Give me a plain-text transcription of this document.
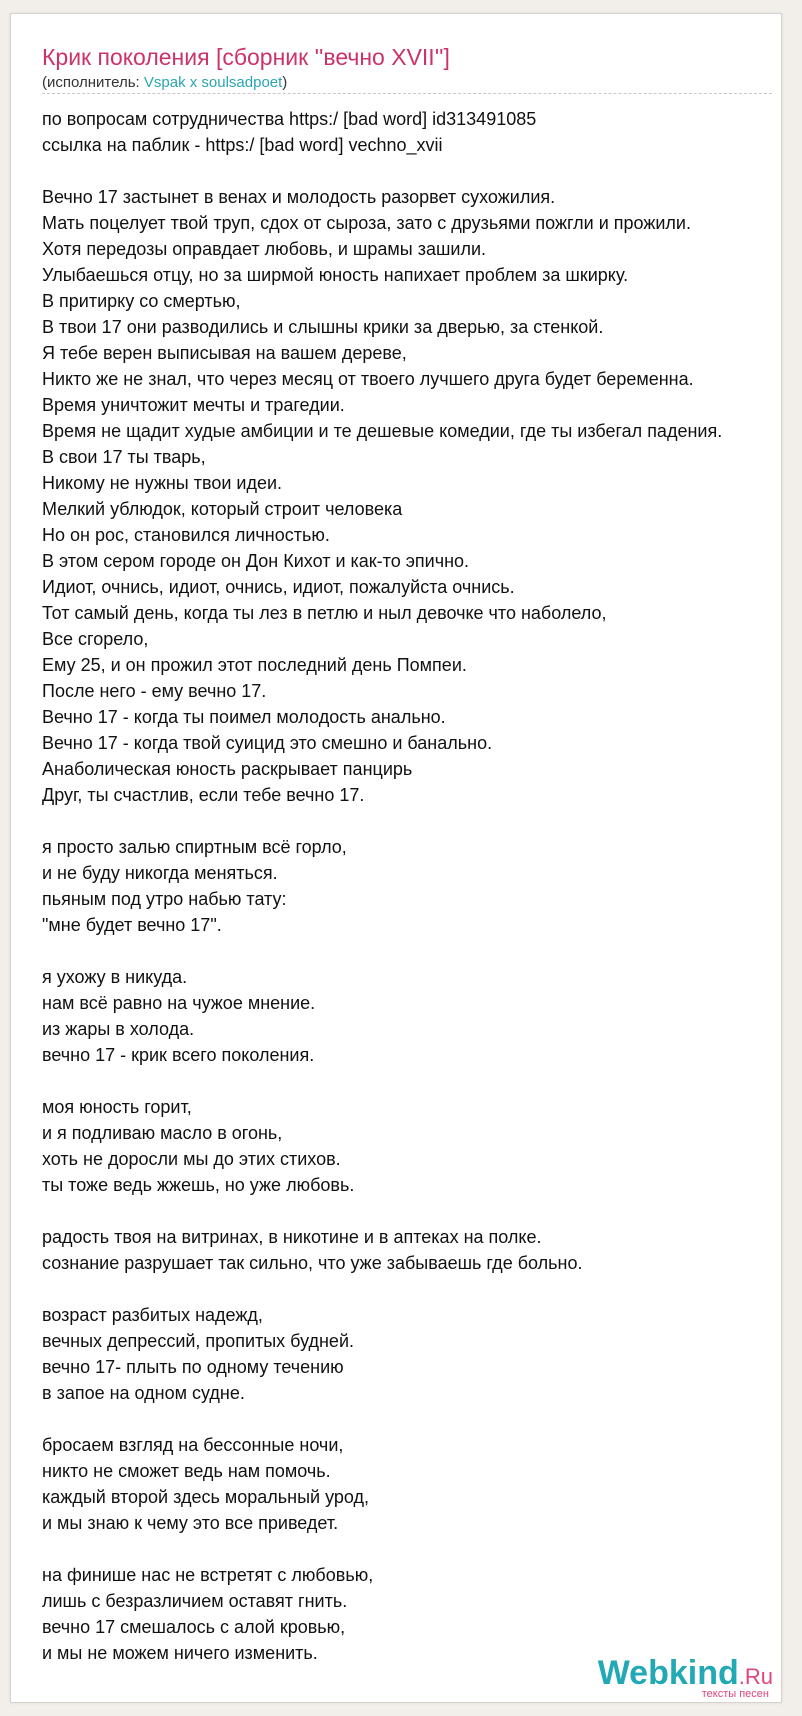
Крик поколения [сборник ''вечно XVII'']
(исполнитель: Vspak x soulsadpoet)
по вопросам сотрудничества https:/ [bad word] id313491085
ссылка на паблик - https:/ [bad word] vechno_xvii
Вечно 17 застынет в венах и молодость разорвет сухожилия.
Мать поцелует твой труп, сдох от сыроза, зато с друзьями пожгли и прожили.
Хотя передозы оправдает любовь, и шрамы зашили.
Улыбаешься отцу, но за ширмой юность напихает проблем за шкирку.
В притирку со смертью,
В твои 17 они разводились и слышны крики за дверью, за стенкой.
Я тебе верен выписывая на вашем дереве,
Никто же не знал, что через месяц от твоего лучшего друга будет беременна.
Время уничтожит мечты и трагедии.
Время не щадит худые амбиции и те дешевые комедии, где ты избегал падения.
В свои 17 ты тварь,
Никому не нужны твои идеи.
Мелкий ублюдок, который строит человека
Но он рос, становился личностью.
В этом сером городе он Дон Кихот и как-то эпично.
Идиот, очнись, идиот, очнись, идиот, пожалуйста очнись.
Тот самый день, когда ты лез в петлю и ныл девочке что наболело,
Все сгорело,
Ему 25, и он прожил этот последний день Помпеи.
После него - ему вечно 17.
Вечно 17 - когда ты поимел молодость анально.
Вечно 17 - когда твой суицид это смешно и банально.
Анаболическая юность раскрывает панцирь
Друг, ты счастлив, если тебе вечно 17.
я просто залью спиртным всё горло,
и не буду никогда меняться.
пьяным под утро набью тату:
"мне будет вечно 17".
я ухожу в никуда.
нам всё равно на чужое мнение.
из жары в холода.
вечно 17 - крик всего поколения.
моя юность горит,
и я подливаю масло в огонь,
хоть не доросли мы до этих стихов.
ты тоже ведь жжешь, но уже любовь.
радость твоя на витринах, в никотине и в аптеках на полке.
сознание разрушает так сильно, что уже забываешь где больно.
возраст разбитых надежд,
вечных депрессий, пропитых будней.
вечно 17- плыть по одному течению
в запое на одном судне.
бросаем взгляд на бессонные ночи,
никто не сможет ведь нам помочь.
каждый второй здесь моральный урод,
и мы знаю к чему это все приведет.
на финише нас не встретят с любовью,
лишь с безразличием оставят гнить.
вечно 17 смешалось с алой кровью,
и мы не можем ничего изменить.
Webkind.Ru
тексты песен
